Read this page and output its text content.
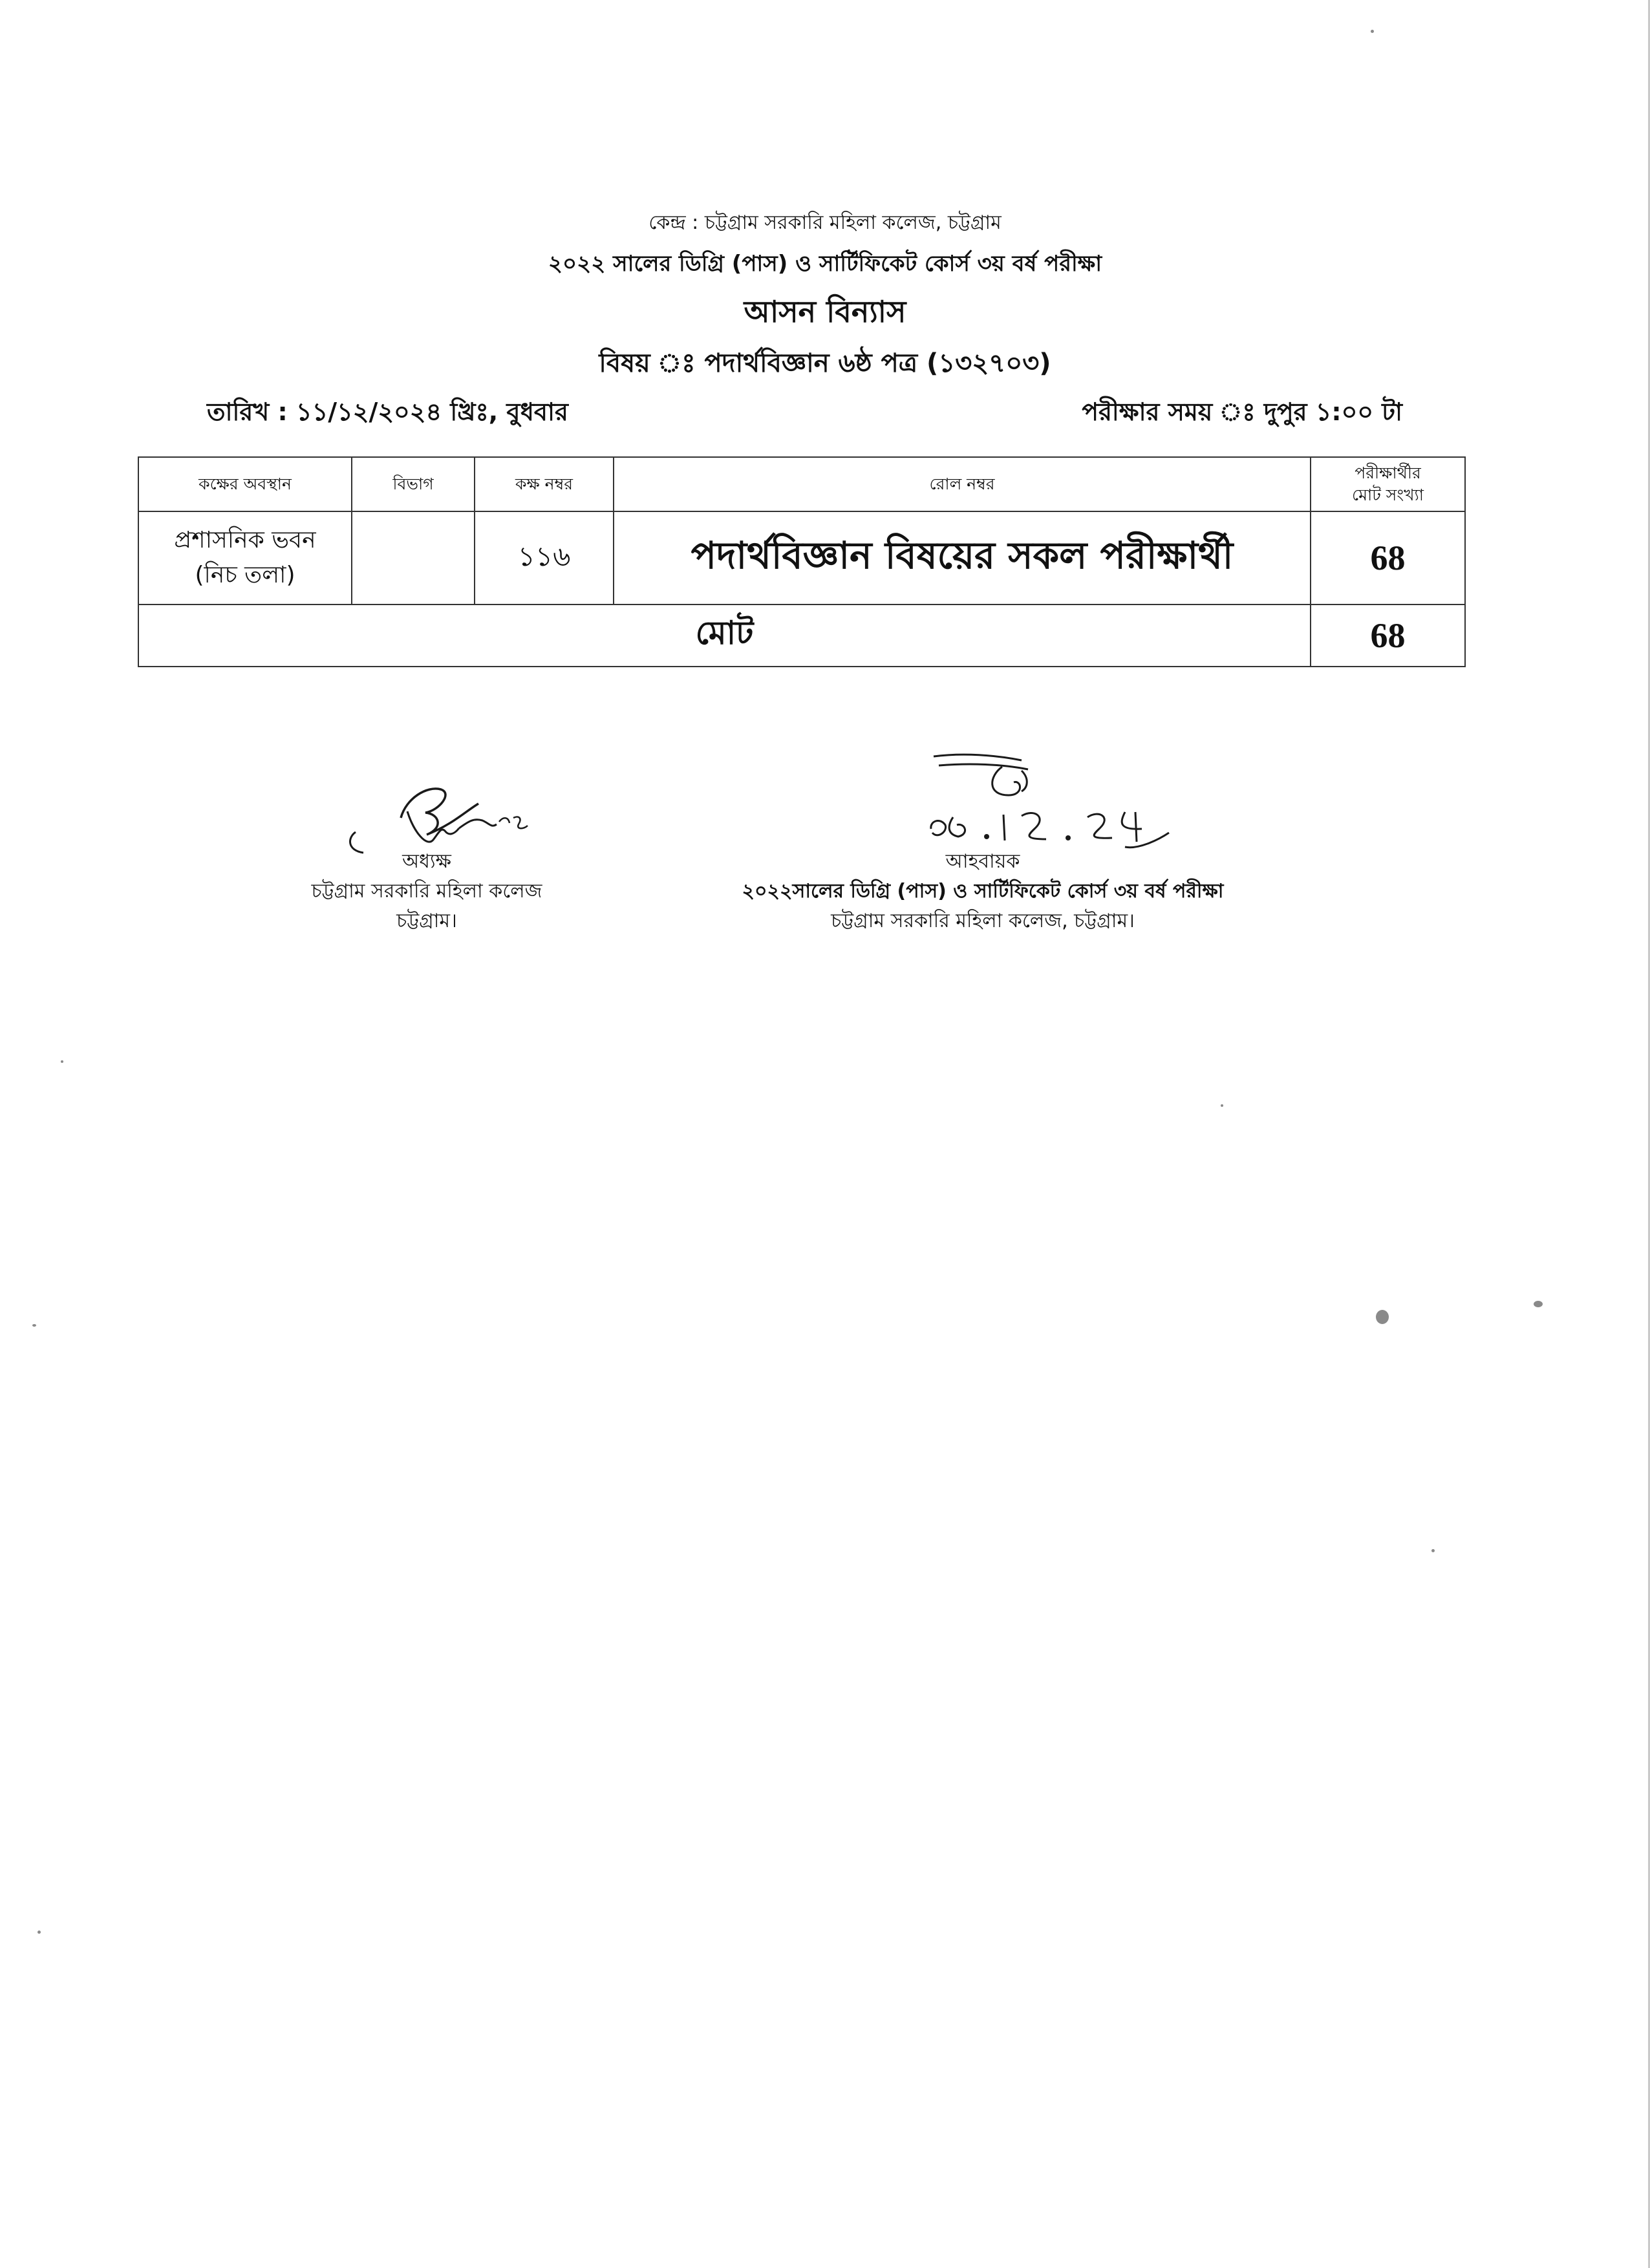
কেন্দ্র : চট্টগ্রাম সরকারি মহিলা কলেজ, চট্টগ্রাম
২০২২ সালের ডিগ্রি (পাস) ও সার্টিফিকেট কোর্স ৩য় বর্ষ পরীক্ষা
আসন বিন্যাস
বিষয় ঃ পদার্থবিজ্ঞান ৬ষ্ঠ পত্র (১৩২৭০৩)
তারিখ : ১১/১২/২০২৪ খ্রিঃ, বুধবার	পরীক্ষার সময় ঃ দুপুর ১:০০ টা
কক্ষের অবস্থান	বিভাগ	কক্ষ নম্বর	রোল নম্বর	পরীক্ষার্থীর
মোট সংখ্যা

প্রশাসনিক ভবন
(নিচ তলা)		১১৬	পদার্থবিজ্ঞান বিষয়ের সকল পরীক্ষার্থী	68
মোট				68
অধ্যক্ষ
চট্টগ্রাম সরকারি মহিলা কলেজ
চট্টগ্রাম।
আহবায়ক
২০২২সালের ডিগ্রি (পাস) ও সার্টিফিকেট কোর্স ৩য় বর্ষ পরীক্ষা
চট্টগ্রাম সরকারি মহিলা কলেজ, চট্টগ্রাম।
